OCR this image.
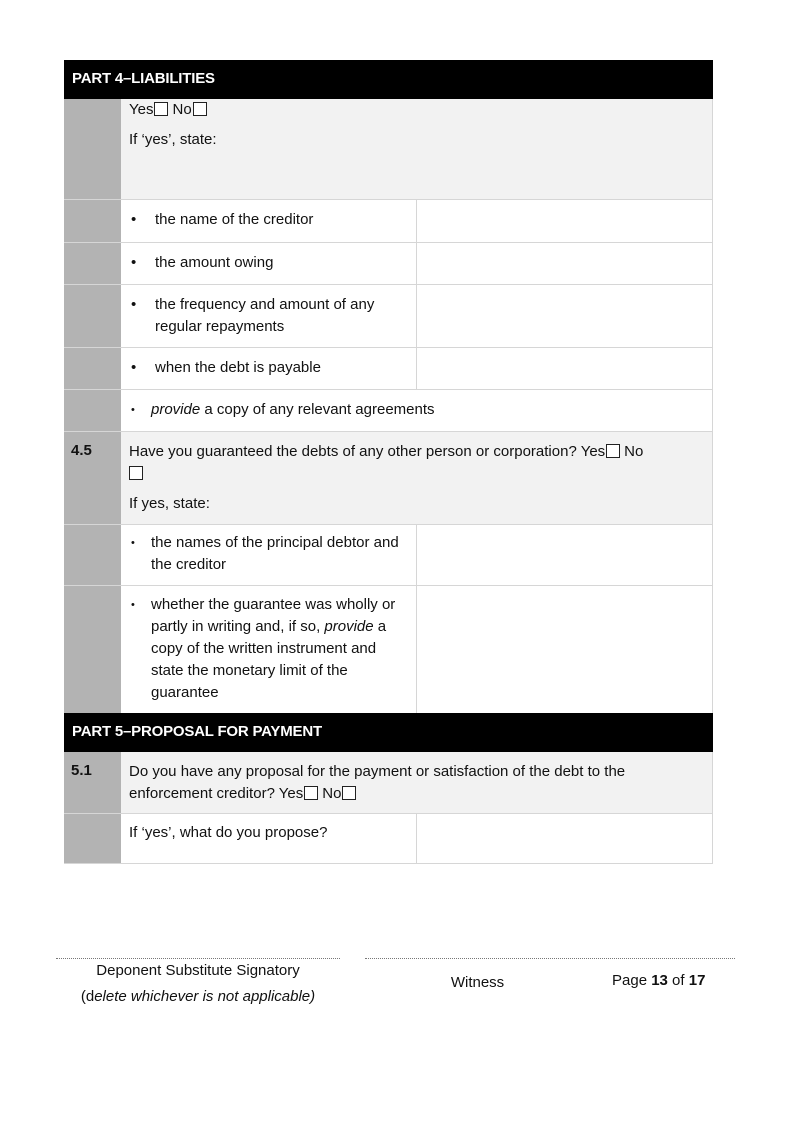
PART 4–LIABILITIES
Yes No
If ‘yes’, state:
•	the name of the creditor
•	the amount owing
•	the frequency and amount of any regular repayments
•	when the debt is payable
•	provide a copy of any relevant agreements
4.5	Have you guaranteed the debts of any other person or corporation? Yes No
If yes, state:
•	the names of the principal debtor and the creditor
•	whether the guarantee was wholly or partly in writing and, if so, provide a copy of the written instrument and state the monetary limit of the guarantee
PART 5–PROPOSAL FOR PAYMENT
5.1	Do you have any proposal for the payment or satisfaction of the debt to the enforcement creditor? Yes No
If ‘yes’, what do you propose?
Deponent Substitute Signatory
(delete whichever is not applicable)
Witness	Page 13 of 17
